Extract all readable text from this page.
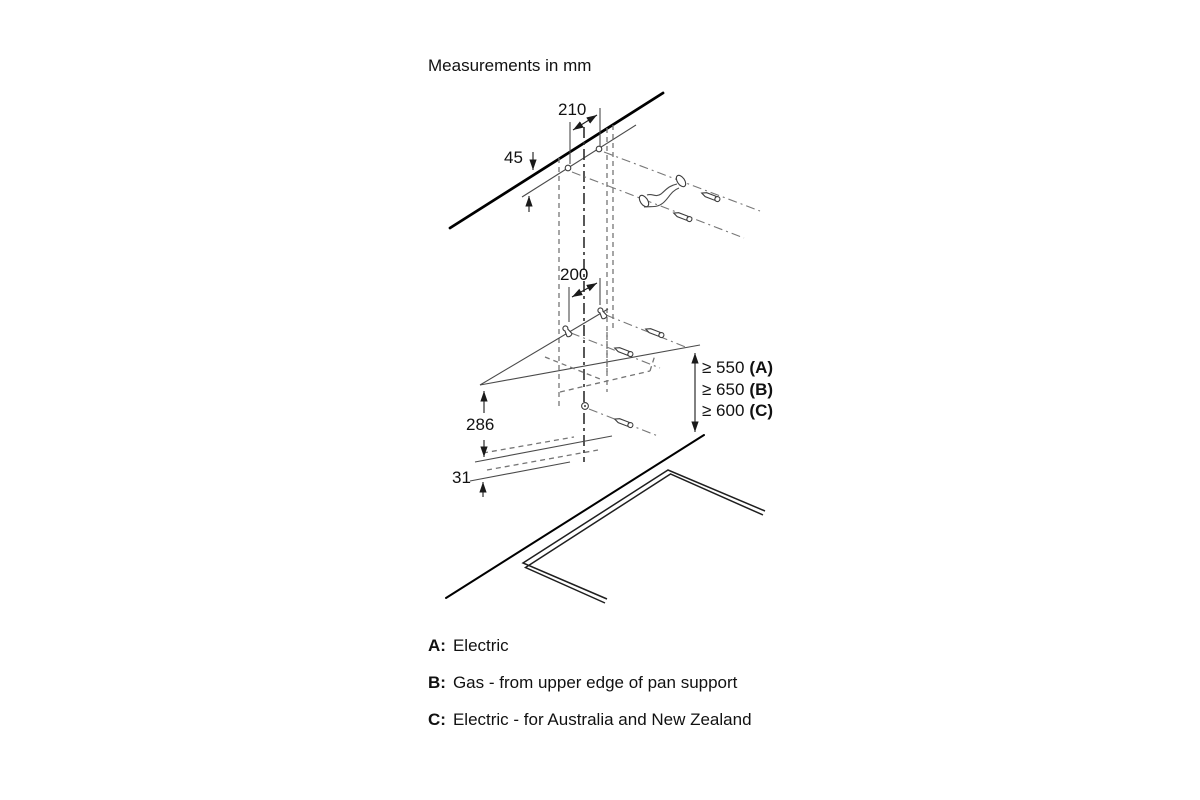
Measurements in mm
210
45
200
286
31
≥ 550 (A)
≥ 650 (B)
≥ 600 (C)
A: Electric
B: Gas - from upper edge of pan support
C: Electric - for Australia and New Zealand
